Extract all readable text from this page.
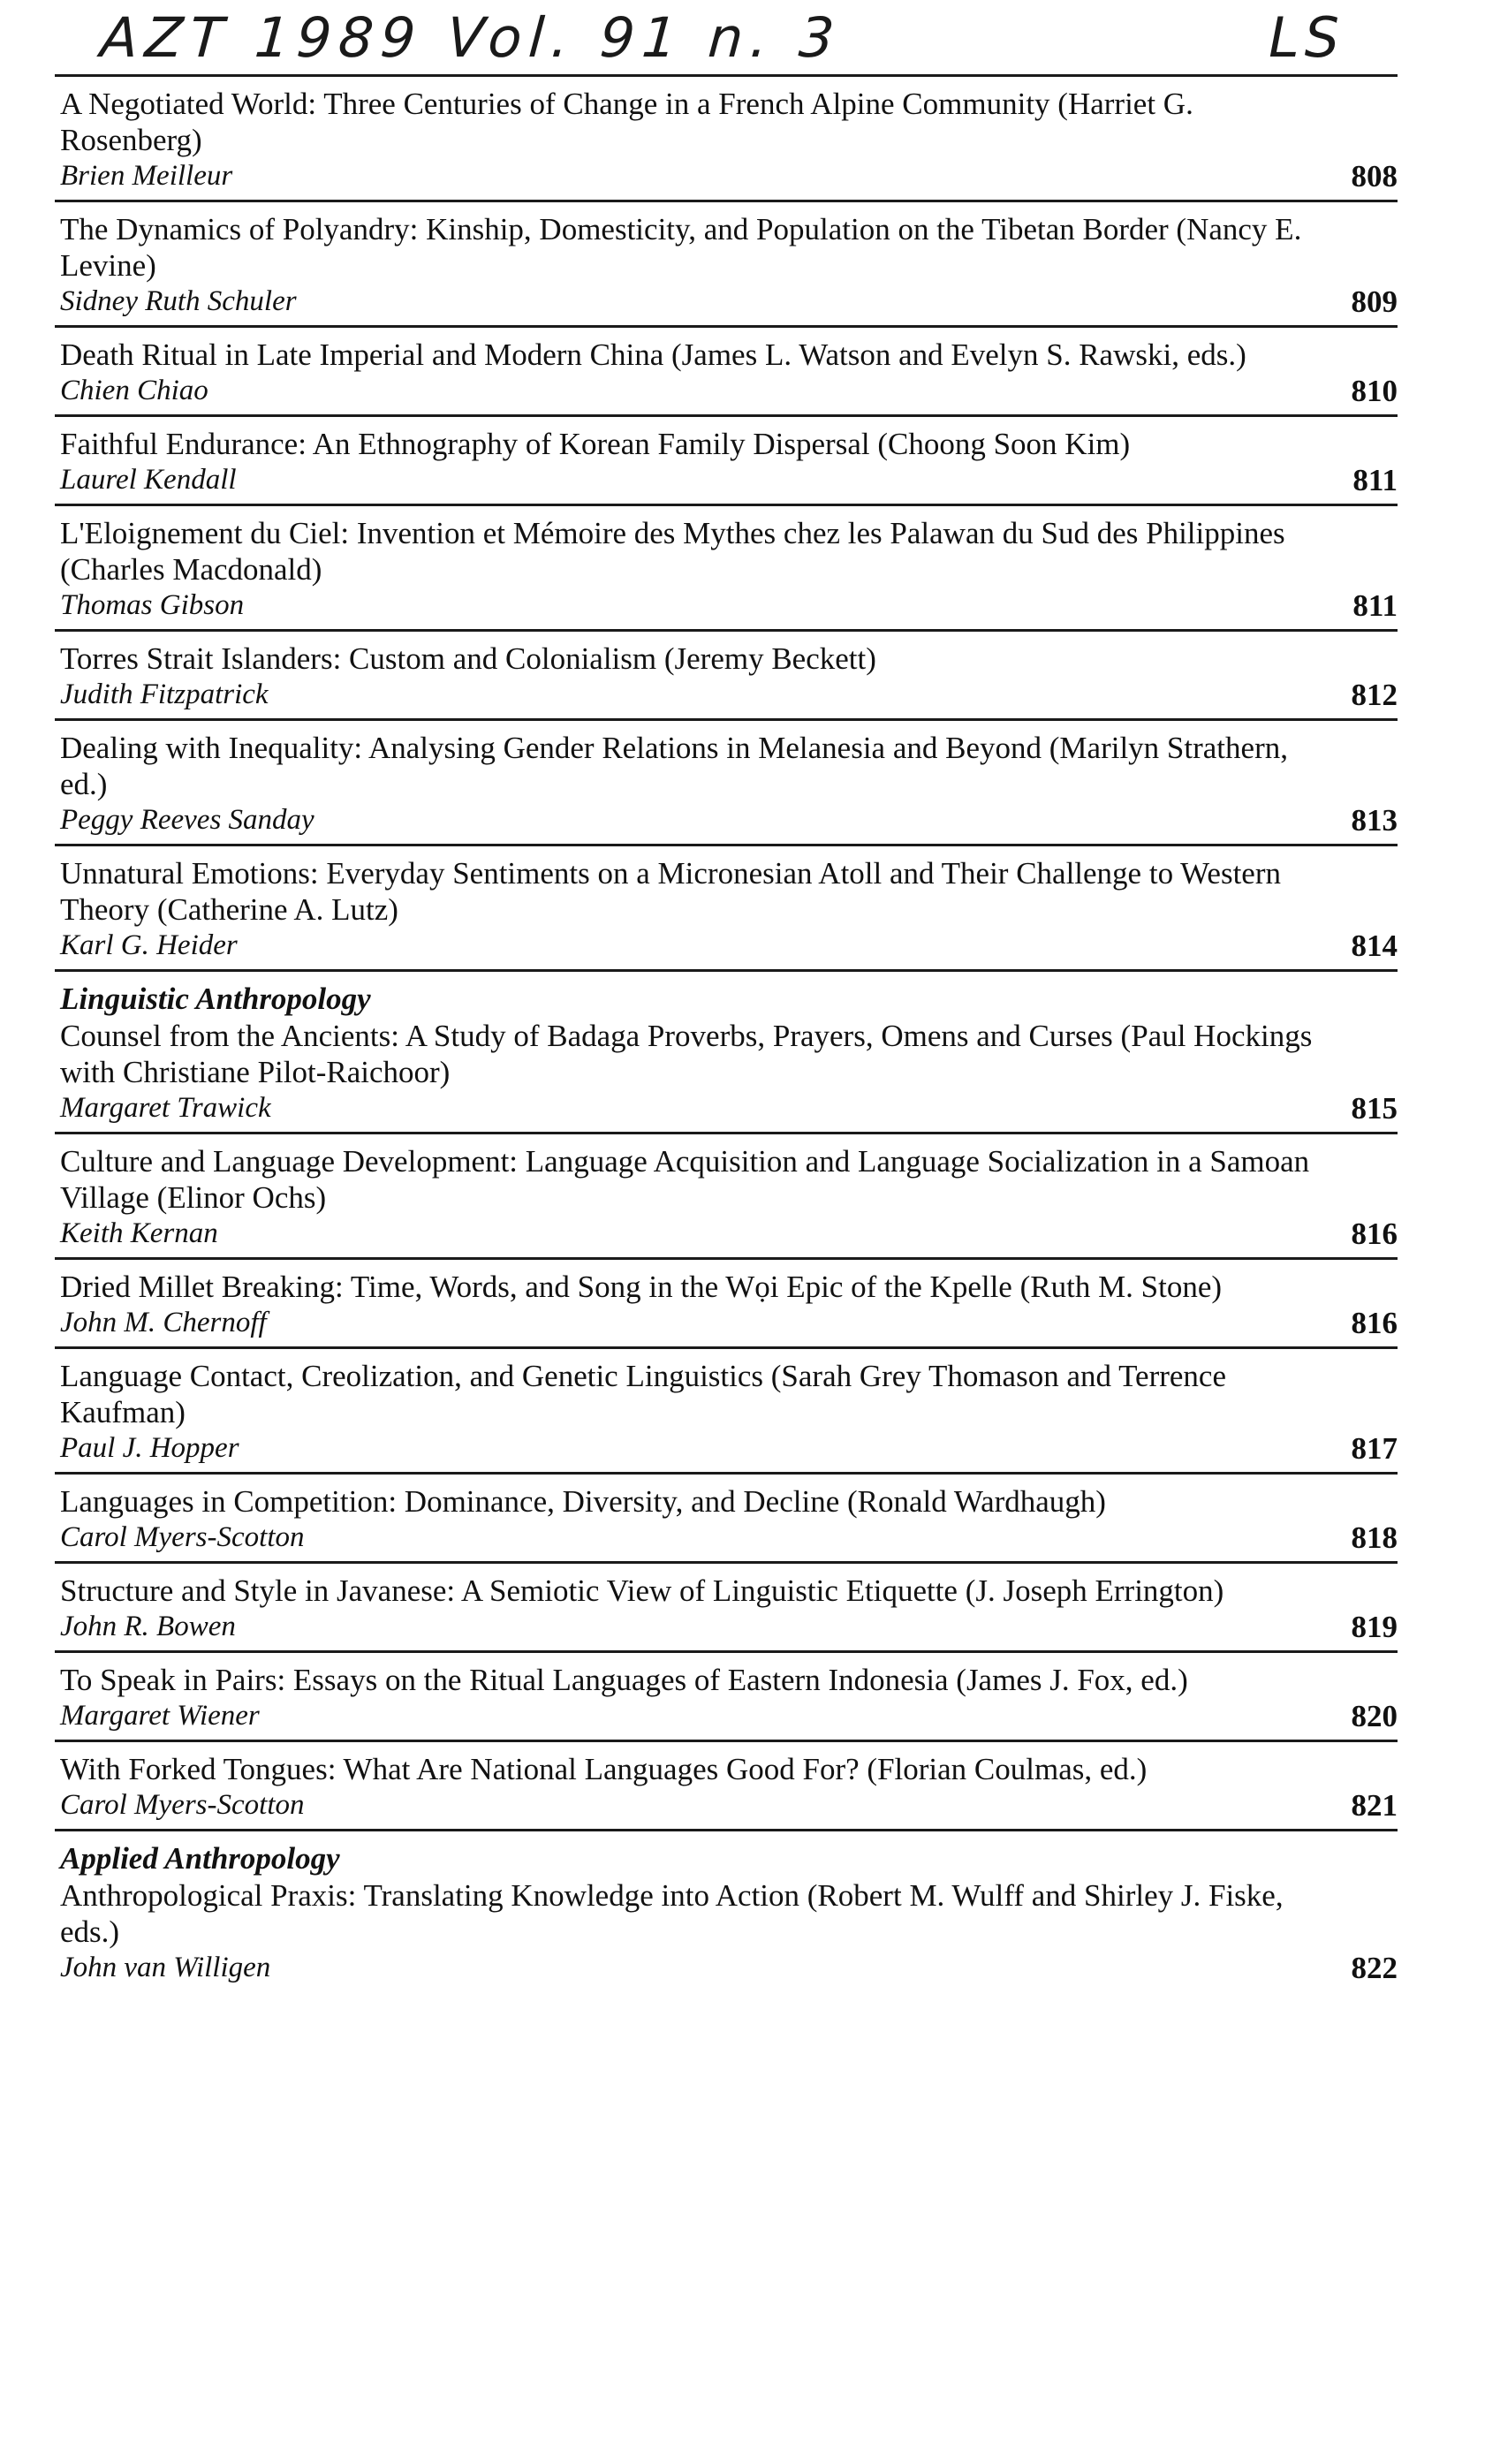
AZT 1989 Vol. 91 n. 3	LS
A Negotiated World: Three Centuries of Change in a French Alpine Community (Harriet G. Rosenberg)
Brien Meilleur	808
The Dynamics of Polyandry: Kinship, Domesticity, and Population on the Tibetan Border (Nancy E. Levine)
Sidney Ruth Schuler	809
Death Ritual in Late Imperial and Modern China (James L. Watson and Evelyn S. Rawski, eds.)
Chien Chiao	810
Faithful Endurance: An Ethnography of Korean Family Dispersal (Choong Soon Kim)
Laurel Kendall	811
L'Eloignement du Ciel: Invention et Mémoire des Mythes chez les Palawan du Sud des Philippines (Charles Macdonald)
Thomas Gibson	811
Torres Strait Islanders: Custom and Colonialism (Jeremy Beckett)
Judith Fitzpatrick	812
Dealing with Inequality: Analysing Gender Relations in Melanesia and Beyond (Marilyn Strathern, ed.)
Peggy Reeves Sanday	813
Unnatural Emotions: Everyday Sentiments on a Micronesian Atoll and Their Challenge to Western Theory (Catherine A. Lutz)
Karl G. Heider	814
Linguistic Anthropology
Counsel from the Ancients: A Study of Badaga Proverbs, Prayers, Omens and Curses (Paul Hockings with Christiane Pilot-Raichoor)
Margaret Trawick	815
Culture and Language Development: Language Acquisition and Language Socialization in a Samoan Village (Elinor Ochs)
Keith Kernan	816
Dried Millet Breaking: Time, Words, and Song in the Wọi Epic of the Kpelle (Ruth M. Stone)
John M. Chernoff	816
Language Contact, Creolization, and Genetic Linguistics (Sarah Grey Thomason and Terrence Kaufman)
Paul J. Hopper	817
Languages in Competition: Dominance, Diversity, and Decline (Ronald Wardhaugh)
Carol Myers-Scotton	818
Structure and Style in Javanese: A Semiotic View of Linguistic Etiquette (J. Joseph Errington)
John R. Bowen	819
To Speak in Pairs: Essays on the Ritual Languages of Eastern Indonesia (James J. Fox, ed.)
Margaret Wiener	820
With Forked Tongues: What Are National Languages Good For? (Florian Coulmas, ed.)
Carol Myers-Scotton	821
Applied Anthropology
Anthropological Praxis: Translating Knowledge into Action (Robert M. Wulff and Shirley J. Fiske, eds.)
John van Willigen	822
